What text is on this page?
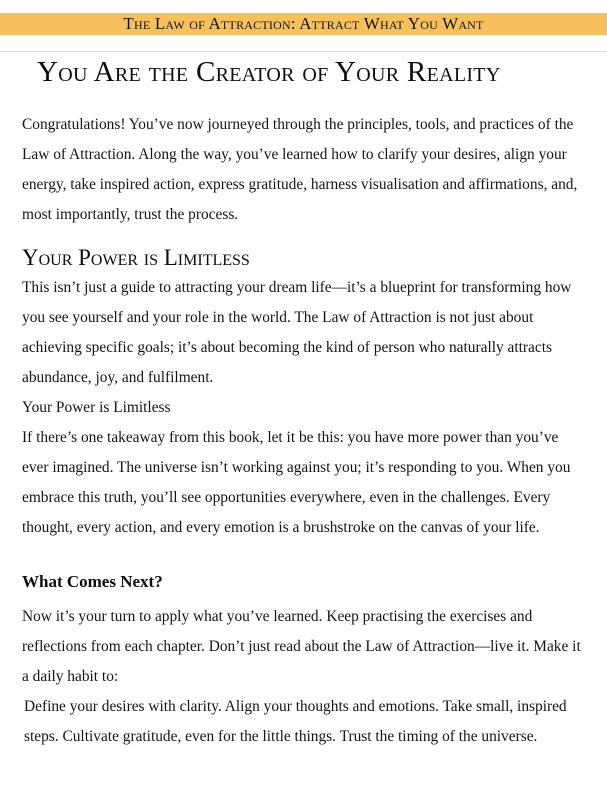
The Law of Attraction: Attract What You Want
You Are the Creator of Your Reality

Congratulations! You’ve now journeyed through the principles, tools, and practices of the Law of Attraction. Along the way, you’ve learned how to clarify your desires, align your energy, take inspired action, express gratitude, harness visualisation and affirmations, and, most importantly, trust the process.

Your Power is Limitless

This isn’t just a guide to attracting your dream life—it’s a blueprint for transforming how you see yourself and your role in the world. The Law of Attraction is not just about achieving specific goals; it’s about becoming the kind of person who naturally attracts abundance, joy, and fulfilment.

Your Power is Limitless

If there’s one takeaway from this book, let it be this: you have more power than you’ve ever imagined. The universe isn’t working against you; it’s responding to you. When you embrace this truth, you’ll see opportunities everywhere, even in the challenges. Every thought, every action, and every emotion is a brushstroke on the canvas of your life.

What Comes Next?

Now it’s your turn to apply what you’ve learned. Keep practising the exercises and reflections from each chapter. Don’t just read about the Law of Attraction—live it. Make it a daily habit to:

Define your desires with clarity. Align your thoughts and emotions. Take small, inspired steps. Cultivate gratitude, even for the little things. Trust the timing of the universe.
